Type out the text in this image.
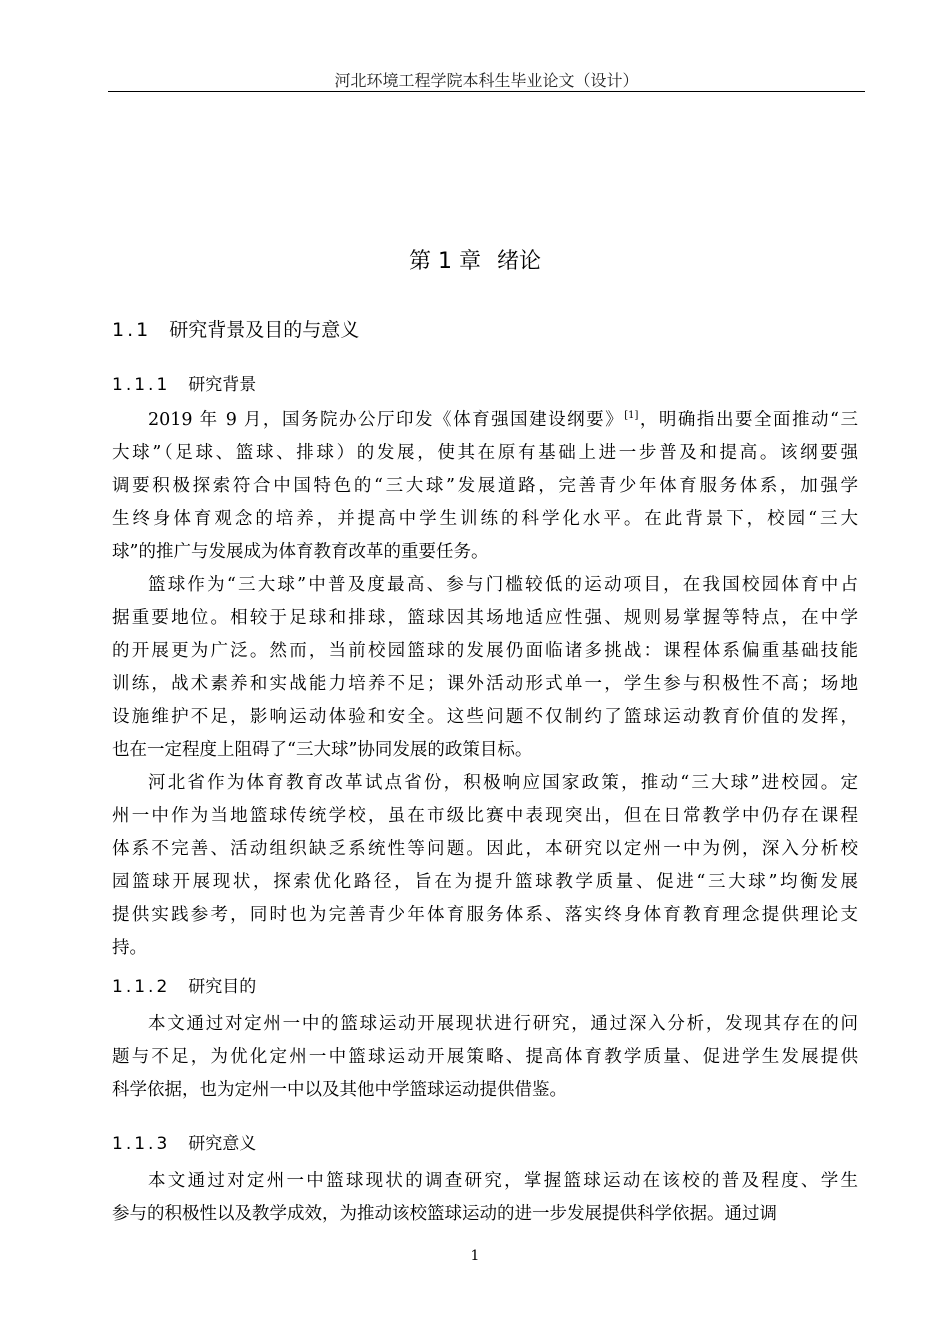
河北环境工程学院本科生毕业论文（设计）
第 1 章 绪论
1.1 研究背景及目的与意义
1.1.1 研究背景
2019 年 9 月，国务院办公厅印发《体育强国建设纲要》[1]，明确指出要全面推动“三
大球”（足球、篮球、排球）的发展，使其在原有基础上进一步普及和提高。该纲要强
调要积极探索符合中国特色的“三大球”发展道路，完善青少年体育服务体系，加强学
生终身体育观念的培养，并提高中学生训练的科学化水平。在此背景下，校园“三大
球”的推广与发展成为体育教育改革的重要任务。
篮球作为“三大球”中普及度最高、参与门槛较低的运动项目，在我国校园体育中占
据重要地位。相较于足球和排球，篮球因其场地适应性强、规则易掌握等特点，在中学
的开展更为广泛。然而，当前校园篮球的发展仍面临诸多挑战：课程体系偏重基础技能
训练，战术素养和实战能力培养不足；课外活动形式单一，学生参与积极性不高；场地
设施维护不足，影响运动体验和安全。这些问题不仅制约了篮球运动教育价值的发挥，
也在一定程度上阻碍了“三大球”协同发展的政策目标。
河北省作为体育教育改革试点省份，积极响应国家政策，推动“三大球”进校园。定
州一中作为当地篮球传统学校，虽在市级比赛中表现突出，但在日常教学中仍存在课程
体系不完善、活动组织缺乏系统性等问题。因此，本研究以定州一中为例，深入分析校
园篮球开展现状，探索优化路径，旨在为提升篮球教学质量、促进“三大球”均衡发展
提供实践参考，同时也为完善青少年体育服务体系、落实终身体育教育理念提供理论支
持。
1.1.2 研究目的
本文通过对定州一中的篮球运动开展现状进行研究，通过深入分析，发现其存在的问
题与不足，为优化定州一中篮球运动开展策略、提高体育教学质量、促进学生发展提供
科学依据，也为定州一中以及其他中学篮球运动提供借鉴。
1.1.3 研究意义
本文通过对定州一中篮球现状的调查研究，掌握篮球运动在该校的普及程度、学生
参与的积极性以及教学成效，为推动该校篮球运动的进一步发展提供科学依据。通过调
1
